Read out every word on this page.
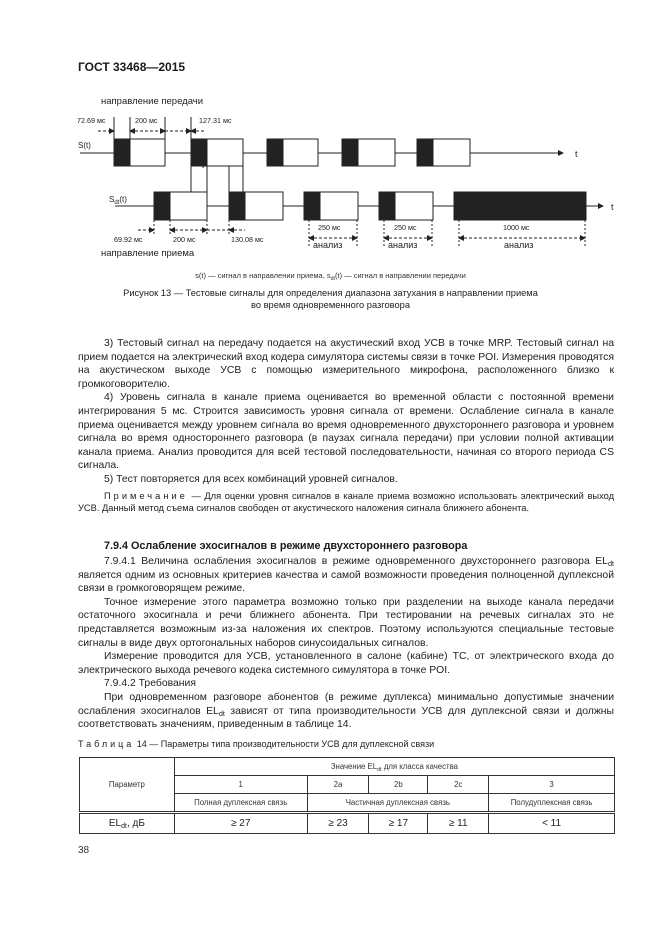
ГОСТ 33468—2015
направление передачи
S(t)
t
$S_{dt}(t)$
t
72.69 мс	200 мс	127.31 мс
69.92 мс	200 мс	130.08 мс
направление приема
250 мс	250 мс	1000 мс
анализ	анализ	анализ
s(t) — сигнал в направлении приема, $s_{dt}(t)$ — сигнал в направлении передачи
Рисунок 13 — Тестовые сигналы для определения диапазона затухания в направлении приема
во время одновременного разговора

3) Тестовый сигнал на передачу подается на акустический вход УСВ в точке MRP. Тестовый сигнал на прием подается на электрический вход кодера симулятора системы связи в точке POI. Измерения проводятся на акустическом выходе УСВ с помощью измерительного микрофона, расположенного близко к громкоговорителю.

4) Уровень сигнала в канале приема оценивается во временной области с постоянной времени интегрирования 5 мс. Строится зависимость уровня сигнала от времени. Ослабление сигнала в канале приема оценивается между уровнем сигнала во время одновременного двухстороннего разговора и уровнем сигнала во время одностороннего разговора (в паузах сигнала передачи) при условии полной активации канала приема. Анализ проводится для всей тестовой последовательности, начиная со второго периода CS сигнала.

5) Тест повторяется для всех комбинаций уровней сигналов.

Примечание — Для оценки уровня сигналов в канале приема возможно использовать электрический выход УСВ. Данный метод съема сигналов свободен от акустического наложения сигнала ближнего абонента.

7.9.4 Ослабление эхосигналов в режиме двухстороннего разговора

7.9.4.1 Величина ослабления эхосигналов в режиме одновременного двухстороннего разговора $EL_{dt}$ является одним из основных критериев качества и самой возможности проведения полноценной дуплексной связи в громкоговорящем режиме.

Точное измерение этого параметра возможно только при разделении на выходе канала передачи остаточного эхосигнала и речи ближнего абонента. При тестировании на речевых сигналах это не представляется возможным из-за наложения их спектров. Поэтому используются специальные тестовые сигналы в виде двух ортогональных наборов синусоидальных сигналов.

Измерение проводится для УСВ, установленного в салоне (кабине) ТС, от электрического входа до электрического выхода речевого кодека системного симулятора в точке POI.

7.9.4.2 Требования

При одновременном разговоре абонентов (в режиме дуплекса) минимально допустимые значении ослабления эхосигналов $EL_{dt}$ зависят от типа производительности УСВ для дуплексной связи и должны соответствовать значениям, приведенным в таблице 14.

Таблица 14 — Параметры типа производительности УСВ для дуплексной связи
Параметр	Значение $EL_{dt}$ для класса качества				
	1	2a	2b	2c	3
	Полная дуплексная связь	Частичная дуплексная связь			Полудуплексная связь
$EL_{dt}$, дБ	≥ 27	≥ 23	≥ 17	≥ 11	< 11
38
